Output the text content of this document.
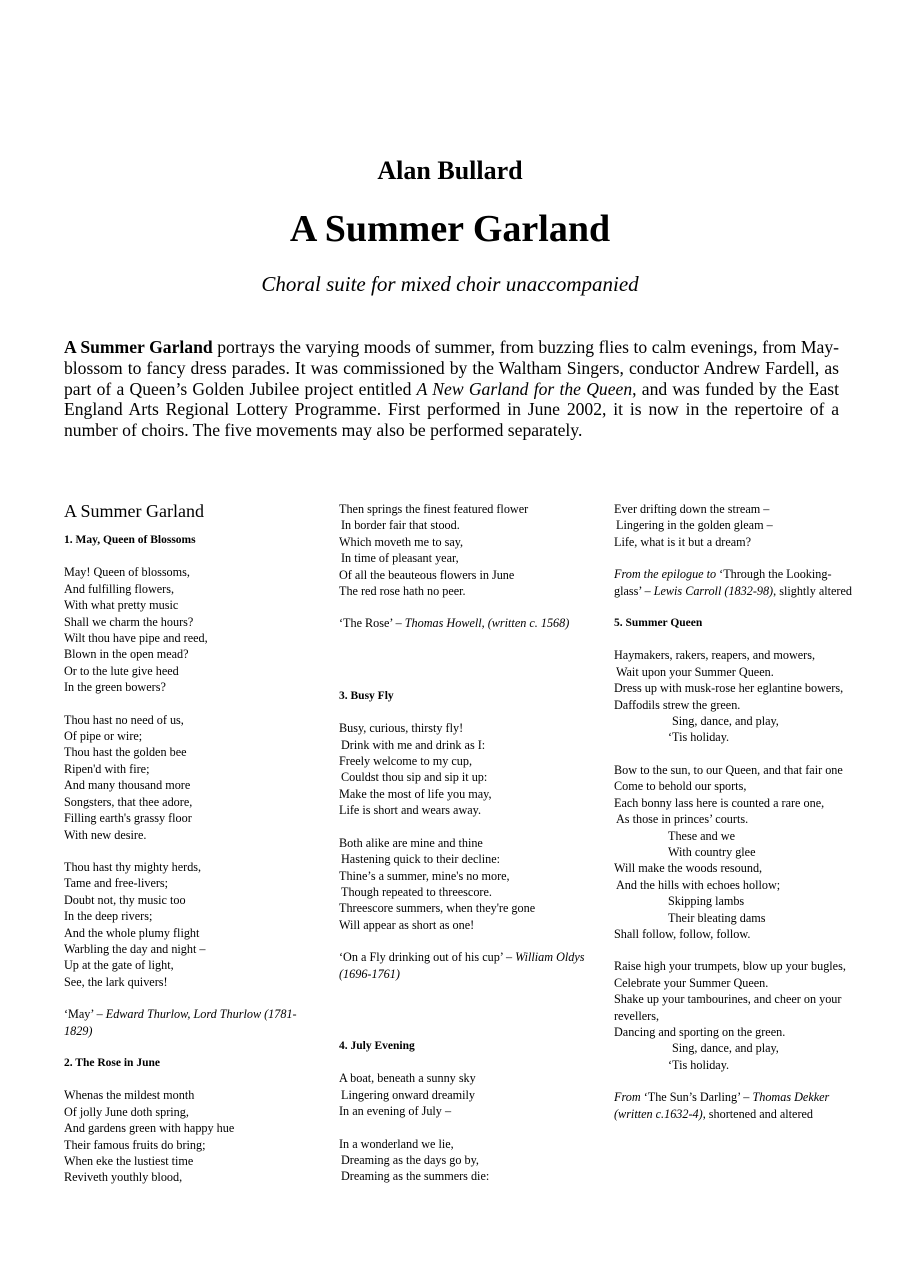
Alan Bullard
A Summer Garland
Choral suite for mixed choir unaccompanied
A Summer Garland portrays the varying moods of summer, from buzzing flies to calm evenings, from May-blossom to fancy dress parades. It was commissioned by the Waltham Singers, conductor Andrew Fardell, as part of a Queen’s Golden Jubilee project entitled A New Garland for the Queen, and was funded by the East England Arts Regional Lottery Programme. First performed in June 2002, it is now in the repertoire of a number of choirs. The five movements may also be performed separately.
A Summer Garland
1. May, Queen of Blossoms
May! Queen of blossoms,
And fulfilling flowers,
With what pretty music
Shall we charm the hours?
Wilt thou have pipe and reed,
Blown in the open mead?
Or to the lute give heed
In the green bowers?
Thou hast no need of us,
Of pipe or wire;
Thou hast the golden bee
Ripen'd with fire;
And many thousand more
Songsters, that thee adore,
Filling earth's grassy floor
With new desire.
Thou hast thy mighty herds,
Tame and free-livers;
Doubt not, thy music too
In the deep rivers;
And the whole plumy flight
Warbling the day and night –
Up at the gate of light,
See, the lark quivers!
‘May’ – Edward Thurlow, Lord Thurlow (1781-1829)
2. The Rose in June
Whenas the mildest month
Of jolly June doth spring,
And gardens green with happy hue
Their famous fruits do bring;
When eke the lustiest time
Reviveth youthly blood,
Then springs the finest featured flower
In border fair that stood.
Which moveth me to say,
In time of pleasant year,
Of all the beauteous flowers in June
The red rose hath no peer.
‘The Rose’ – Thomas Howell, (written c. 1568)
3. Busy Fly
Busy, curious, thirsty fly!
Drink with me and drink as I:
Freely welcome to my cup,
Couldst thou sip and sip it up:
Make the most of life you may,
Life is short and wears away.
Both alike are mine and thine
Hastening quick to their decline:
Thine’s a summer, mine's no more,
Though repeated to threescore.
Threescore summers, when they're gone
Will appear as short as one!
‘On a Fly drinking out of his cup’ – William Oldys (1696-1761)
4. July Evening
A boat, beneath a sunny sky
Lingering onward dreamily
In an evening of July –
In a wonderland we lie,
Dreaming as the days go by,
Dreaming as the summers die:
Ever drifting down the stream –
Lingering in the golden gleam –
Life, what is it but a dream?
From the epilogue to ‘Through the Looking-glass’ – Lewis Carroll (1832-98), slightly altered
5. Summer Queen
Haymakers, rakers, reapers, and mowers,
Wait upon your Summer Queen.
Dress up with musk-rose her eglantine bowers,
Daffodils strew the green.
Sing, dance, and play,
‘Tis holiday.
Bow to the sun, to our Queen, and that fair one
Come to behold our sports,
Each bonny lass here is counted a rare one,
As those in princes’ courts.
These and we
With country glee
Will make the woods resound,
And the hills with echoes hollow;
Skipping lambs
Their bleating dams
Shall follow, follow, follow.
Raise high your trumpets, blow up your bugles,
Celebrate your Summer Queen.
Shake up your tambourines, and cheer on your revellers,
Dancing and sporting on the green.
Sing, dance, and play,
‘Tis holiday.
From ‘The Sun’s Darling’ – Thomas Dekker (written c.1632-4), shortened and altered
